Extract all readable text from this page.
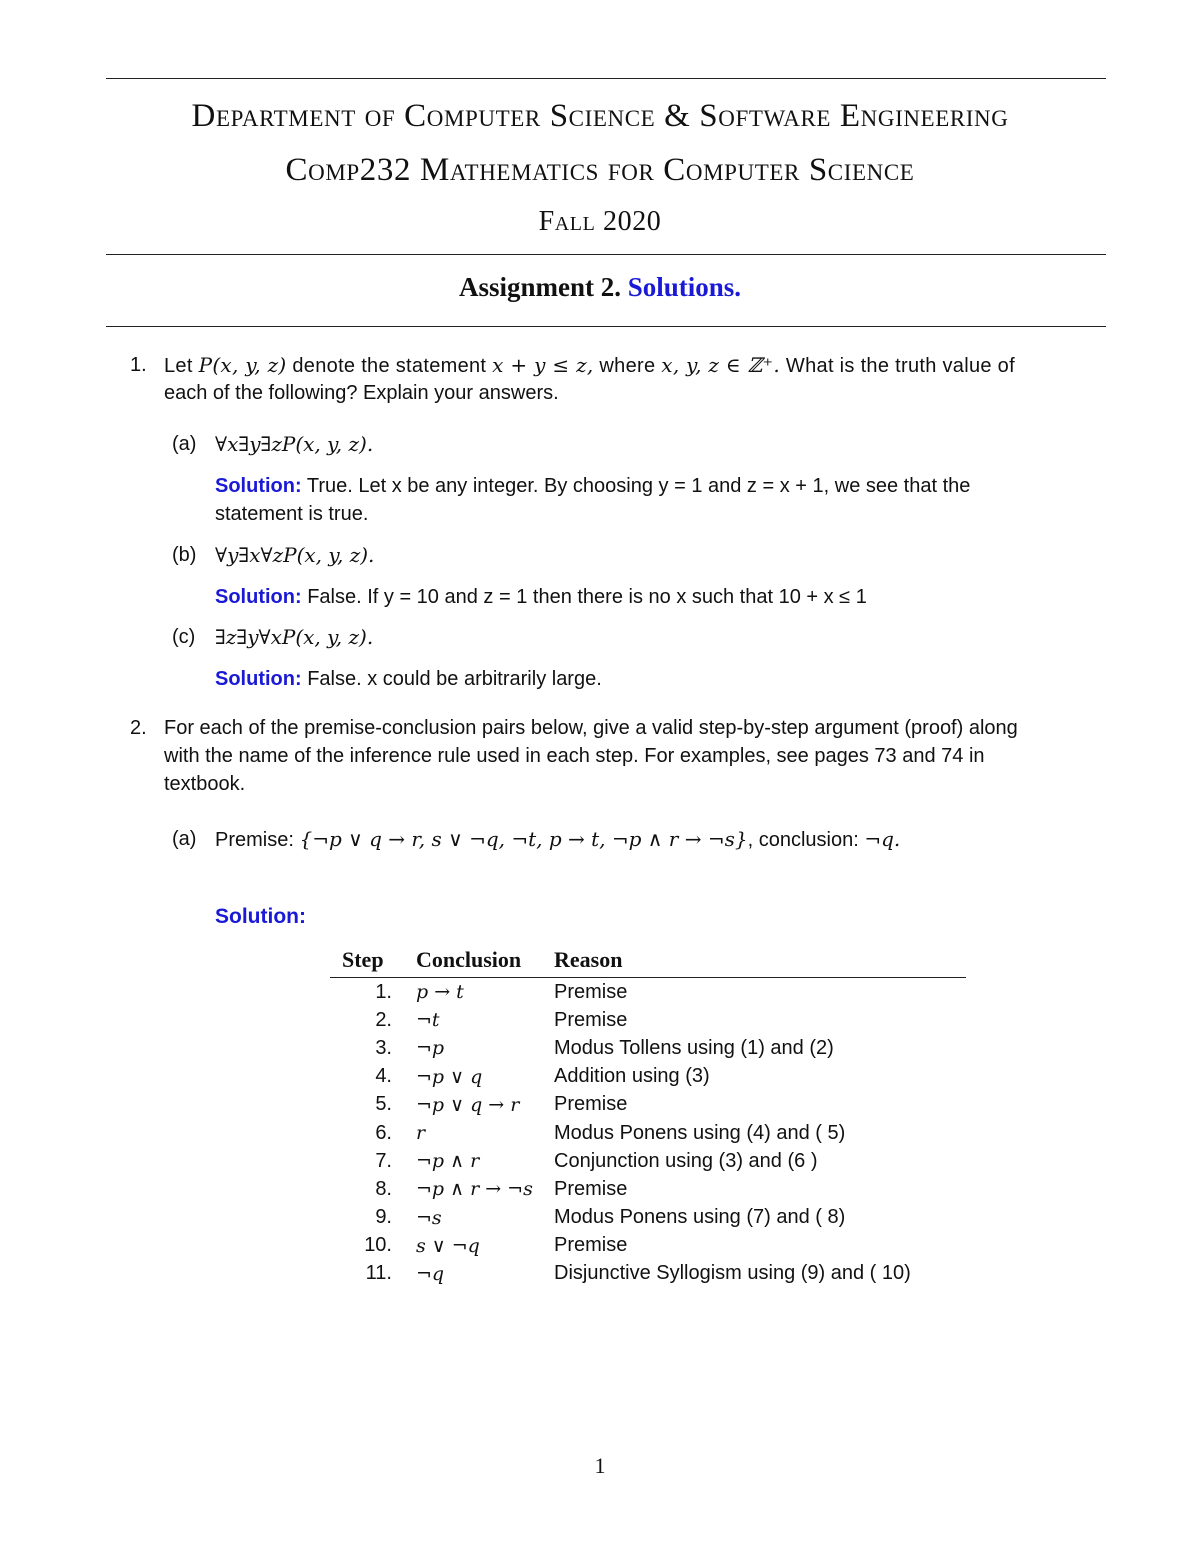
Department of Computer Science & Software Engineering
Comp232 Mathematics for Computer Science
Fall 2020
Assignment 2. Solutions.
1. Let P(x, y, z) denote the statement x + y ≤ z, where x, y, z ∈ ℤ⁺. What is the truth value of
each of the following? Explain your answers.
(a) ∀x∃y∃zP(x, y, z).
Solution: True. Let x be any integer. By choosing y = 1 and z = x + 1, we see that the
statement is true.
(b) ∀y∃x∀zP(x, y, z).
Solution: False. If y = 10 and z = 1 then there is no x such that 10 + x ≤ 1
(c) ∃z∃y∀xP(x, y, z).
Solution: False. x could be arbitrarily large.
2. For each of the premise-conclusion pairs below, give a valid step-by-step argument (proof) along
with the name of the inference rule used in each step. For examples, see pages 73 and 74 in
textbook.
(a) Premise: {¬p ∨ q → r, s ∨ ¬q, ¬t, p → t, ¬p ∧ r → ¬s}, conclusion: ¬q.
Solution:
Step	Conclusion	Reason
1.	p → t	Premise
2.	¬t	Premise
3.	¬p	Modus Tollens using (1) and (2)
4.	¬p ∨ q	Addition using (3)
5.	¬p ∨ q → r	Premise
6.	r	Modus Ponens using (4) and ( 5)
7.	¬p ∧ r	Conjunction using (3) and (6 )
8.	¬p ∧ r → ¬s	Premise
9.	¬s	Modus Ponens using (7) and ( 8)
10.	s ∨ ¬q	Premise
11.	¬q	Disjunctive Syllogism using (9) and ( 10)
1
